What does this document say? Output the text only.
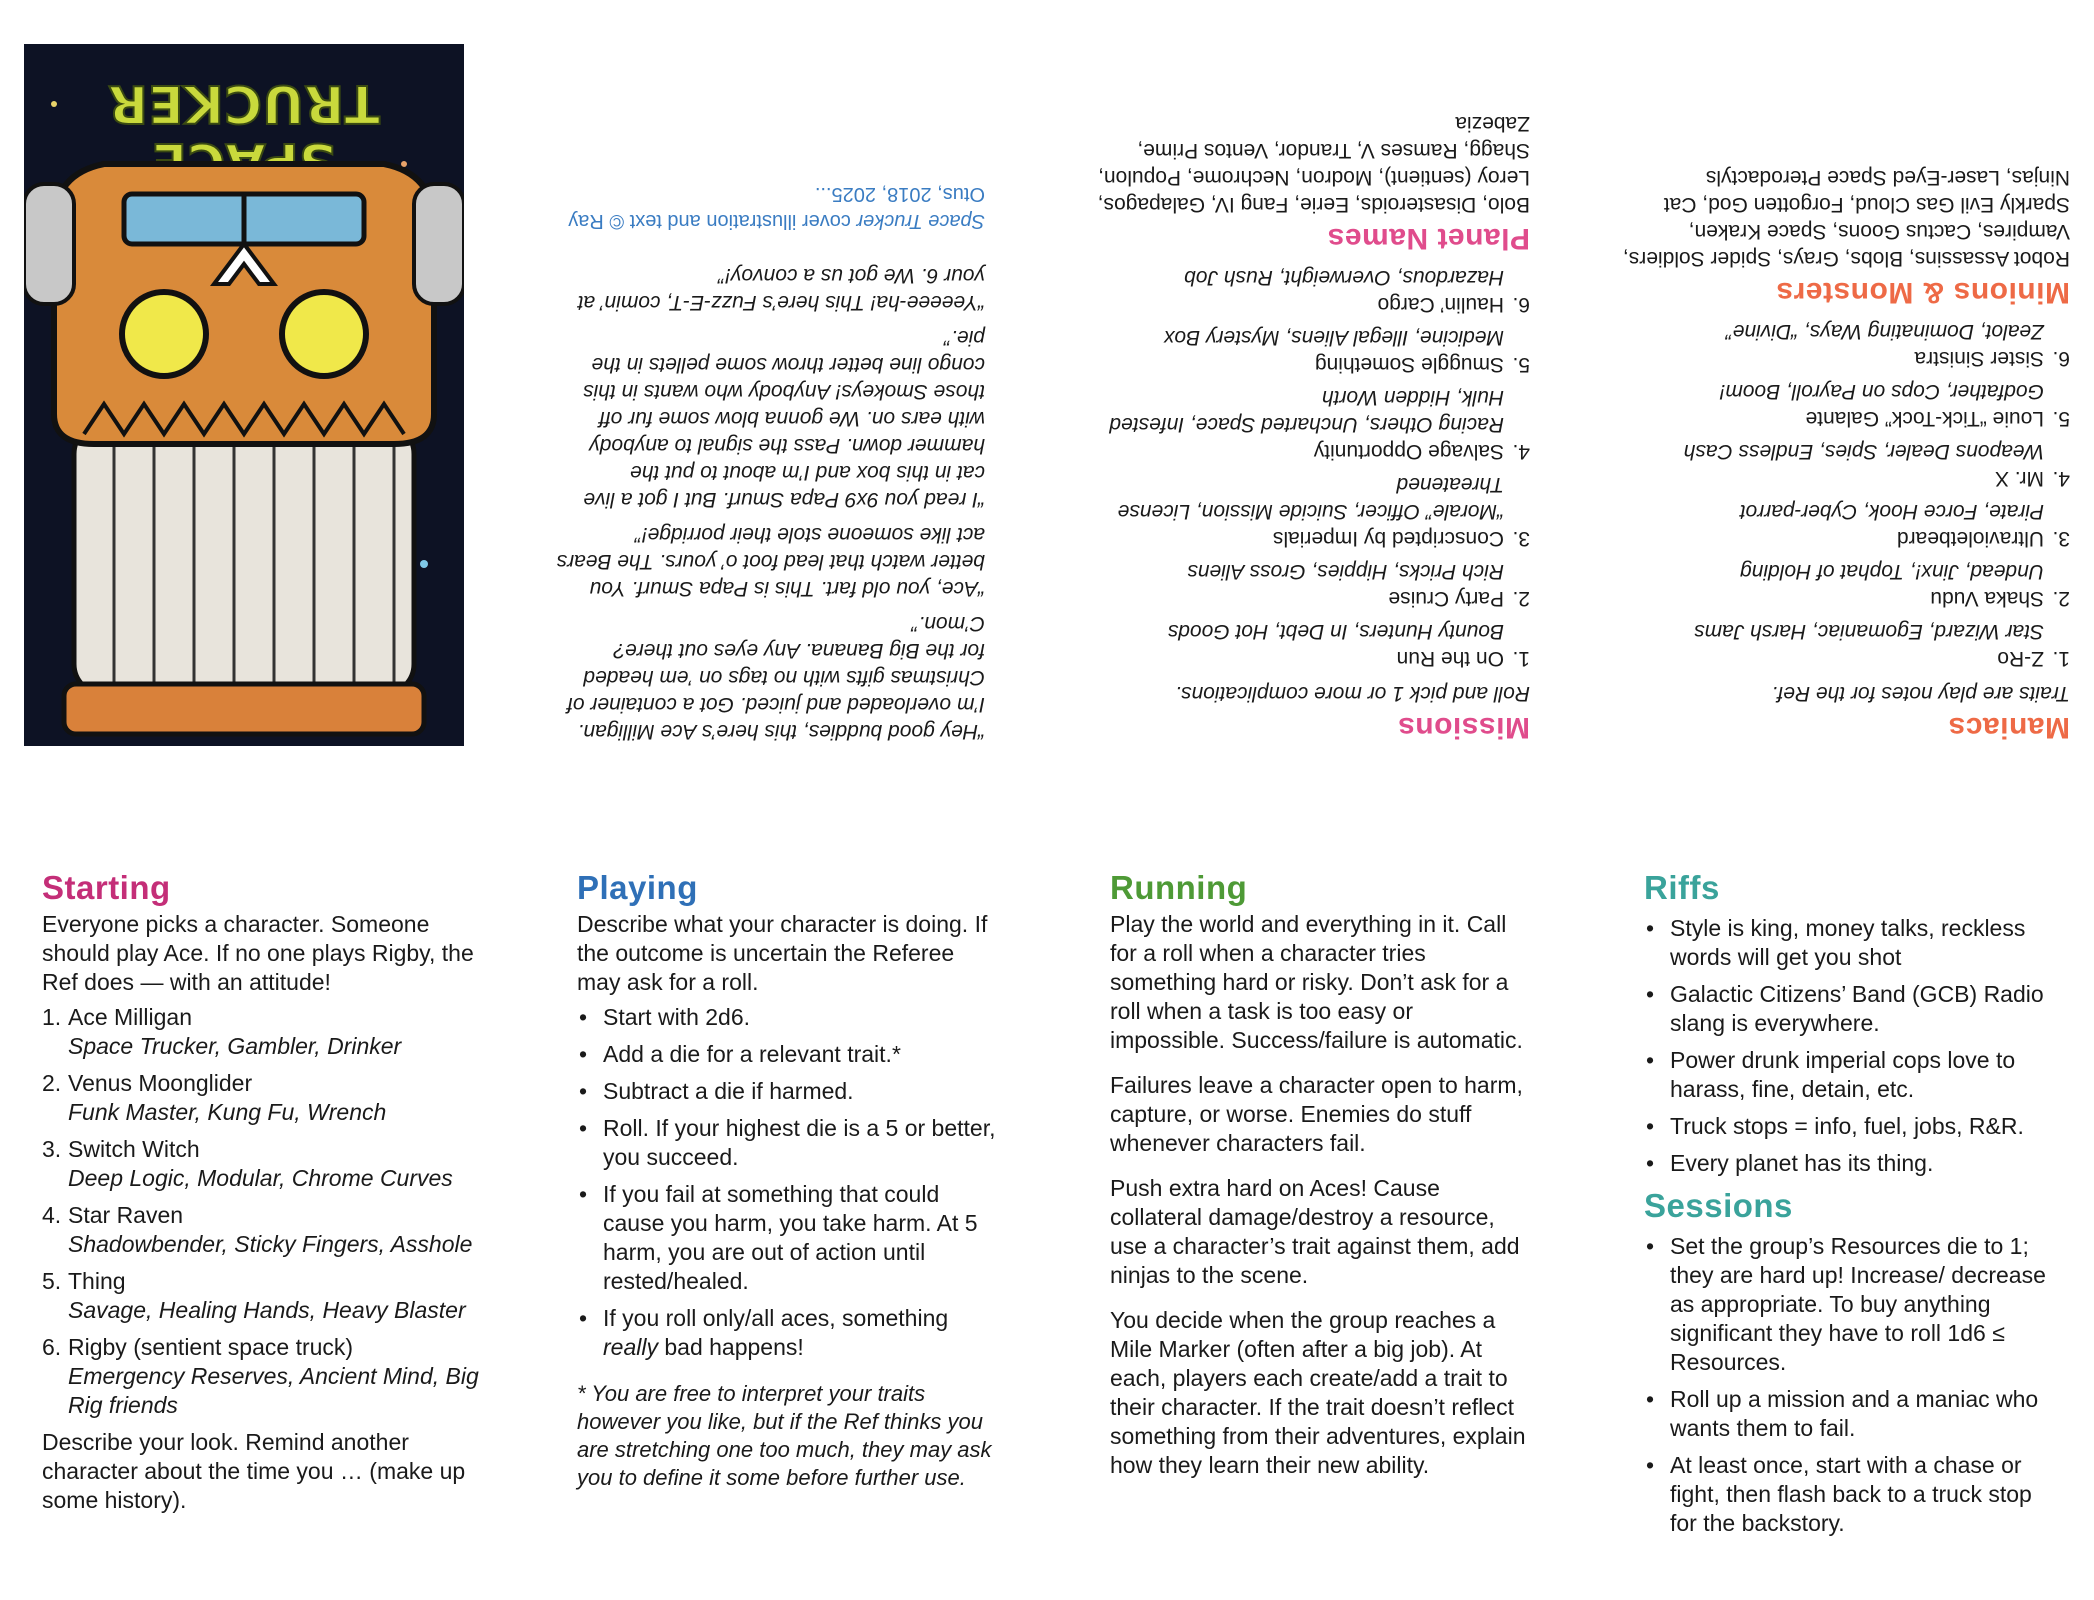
TRUCKER

“Hey good buddies, this here’s Ace Milligan. I’m overloaded and juiced. Got a container of Christmas gifts with no tags on ’em headed for the Big Banana. Any eyes out there? C’mon.”

“Ace, you old fart. This is Papa Smurf. You better watch that lead foot o’ yours. The Bears act like someone stole their porridge!”

“I read you 9x9 Papa Smurf. But I got a live cat in this box and I’m about to put the hammer down. Pass the signal to anybody with ears on. We gonna blow some fur off those Smokeys! Anybody who wants in this congo line better throw some pellets in the pie.”

“Yeeeee-ha! This here’s Fuzz-E-T, comin’ at your 6. We got us a convoy!”

Space Trucker cover illustration and text © Ray Otus, 2018, 2025...

Missions

Roll and pick 1 or more complications.

1.
On the Run
Bounty Hunters, In Debt, Hot Goods
2.
Party Cruise
Rich Pricks, Hippies, Gross Aliens
3.
Conscripted by Imperials
“Morale” Officer, Suicide Mission, License Threatened
4.
Salvage Opportunity
Racing Others, Uncharted Space, Infested Hulk, Hidden Worth
5.
Smuggle Something
Medicine, Illegal Aliens, Mystery Box
6.
Haulin’ Cargo
Hazardous, Overweight, Rush Job
Planet Names

Bolo, Disasteroids, Eerie, Fang IV, Galapagos, Leroy (sentient), Modron, Nechrome, Populon, Shagg, Ramses V, Trandor, Ventos Prime, Zabezia

Maniacs

Traits are play notes for the Ref.

1.
Z-Ro
Star Wizard, Egomaniac, Harsh Jams
2.
Shaka Vudu
Undead, Jinx!, Tophat of Holding
3.
Ultravioletbeard
Pirate, Force Hook, Cyber-parrot
4.
Mr. X
Weapons Dealer, Spies, Endless Cash
5.
Louie “Tick-Tock” Galante
Godfather, Cops on Payroll, Boom!
6.
Sister Sinistra
Zealot, Dominating Ways, “Divine”
Minions & Monsters

Robot Assassins, Blobs, Grays, Spider Soldiers, Vampires, Cactus Goons, Space Kraken, Sparkly Evil Gas Cloud, Forgotten God, Cat Ninjas, Laser-Eyed Space Pterodactyls

Starting

Everyone picks a character. Someone should play Ace. If no one plays Rigby, the Ref does — with an attitude!

1. Ace Milligan
Space Trucker, Gambler, Drinker
2. Venus Moonglider
Funk Master, Kung Fu, Wrench
3. Switch Witch
Deep Logic, Modular, Chrome Curves
4. Star Raven
Shadowbender, Sticky Fingers, Asshole
5. Thing
Savage, Healing Hands, Heavy Blaster
6. Rigby (sentient space truck)
Emergency Reserves, Ancient Mind, Big Rig friends

Describe your look. Remind another character about the time you … (make up some history).

Playing

Describe what your character is doing. If the outcome is uncertain the Referee may ask for a roll.

• Start with 2d6.
• Add a die for a relevant trait.*
• Subtract a die if harmed.
• Roll. If your highest die is a 5 or better, you succeed.
• If you fail at something that could cause you harm, you take harm. At 5 harm, you are out of action until rested/healed.
• If you roll only/all aces, something really bad happens!

* You are free to interpret your traits however you like, but if the Ref thinks you are stretching one too much, they may ask you to define it some before further use.

Running

Play the world and everything in it. Call for a roll when a character tries something hard or risky. Don’t ask for a roll when a task is too easy or impossible. Success/failure is automatic.

Failures leave a character open to harm, capture, or worse. Enemies do stuff whenever characters fail.

Push extra hard on Aces! Cause collateral damage/destroy a resource, use a character’s trait against them, add ninjas to the scene.

You decide when the group reaches a Mile Marker (often after a big job). At each, players each create/add a trait to their character. If the trait doesn’t reflect something from their adventures, explain how they learn their new ability.

Riffs
• Style is king, money talks, reckless words will get you shot
• Galactic Citizens’ Band (GCB) Radio slang is everywhere.
• Power drunk imperial cops love to harass, fine, detain, etc.
• Truck stops = info, fuel, jobs, R&R.
• Every planet has its thing.
Sessions
• Set the group’s Resources die to 1; they are hard up! Increase/ decrease as appropriate. To buy anything significant they have to roll 1d6 ≤ Resources.
• Roll up a mission and a maniac who wants them to fail.
• At least once, start with a chase or fight, then flash back to a truck stop for the backstory.
